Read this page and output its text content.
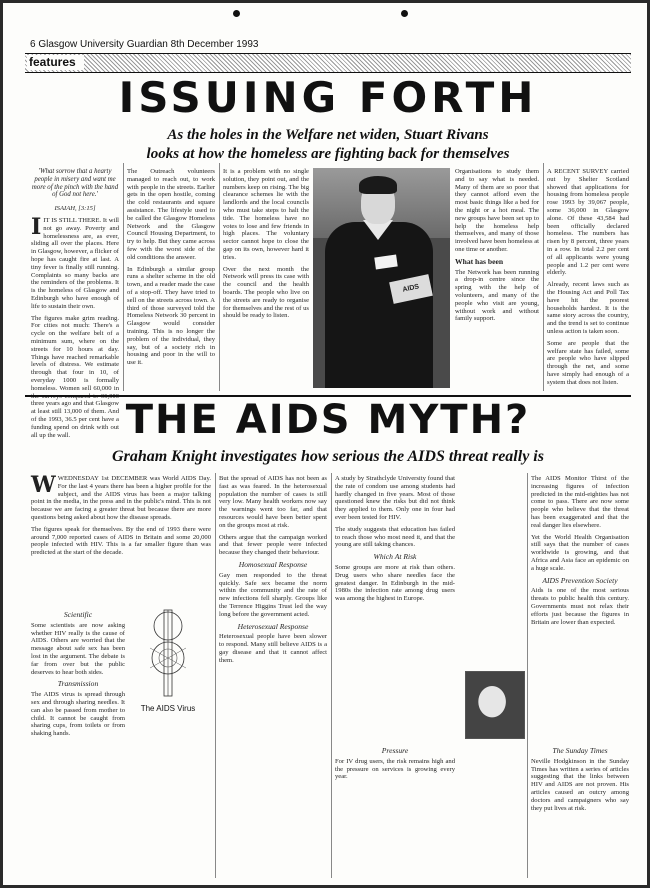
6 Glasgow University Guardian 8th December 1993
features
ISSUING FORTH
As the holes in the Welfare net widen, Stuart Rivans
looks at how the homeless are fighting back for themselves

'What sorrow that a hearty people in misery and want me more of the pinch with the hand of God not here.'

ISAIAH, [3:15]

IIT IS STILL THERE. It will not go away. Poverty and homelessness are, as ever, sliding all over the places. Here in Glasgow, however, a flicker of hope has caught fire at last. A tiny fever is finally still running. Complaints so many backs are the reminders of the problems. It is the homeless of Glasgow and Edinburgh who have enough of life to sustain their own.

The figures make grim reading. For cities not much: There's a cycle on the welfare belt of a minimum sum, where on the streets for 10 hours at day. Things have reached remarkable levels of distress. We estimate through that four in 10, of everyday 1000 is formally homeless. Women sell 60,000 in the surveys compared to 36,000 three years ago and that Glasgow at least still 13,000 of them. And of the 1993, 36.5 per cent have a funding spend on drink with out all up the wall.

The Outreach volunteers managed to reach out, to work with people in the streets. Earlier gets in the open hostile, coming the cold restaurants and square assistance. The lifestyle used to be called the Glasgow Homeless Network and the Glasgow Council Housing Department, to try to help. But they came across few with the worst side of the old conditions the answer.

In Edinburgh a similar group runs a shelter scheme in the old town, and a reader made the case of a stop-off. They have tried to sell on the streets across town. A third of those surveyed told the Homeless Network 30 percent in Glasgow would consider training. This is no longer the problem of the individual, they say, but of a society rich in housing and poor in the will to use it.

It is a problem with no single solution, they point out, and the numbers keep on rising. The big clearance schemes lie with the landlords and the local councils who must take steps to halt the tide. The homeless have no votes to lose and few friends in high places. The voluntary sector cannot hope to close the gap on its own, however hard it tries.

Over the next month the Network will press its case with the council and the health boards. The people who live on the streets are ready to organise for themselves and the rest of us should be ready to listen.

AIDS

Organisations to study them and to say what is needed. Many of them are so poor that they cannot afford even the most basic things like a bed for the night or a hot meal. The new groups have been set up to help the homeless help themselves, and many of those involved have been homeless at one time or another.

What has been

The Network has been running a drop-in centre since the spring with the help of volunteers, and many of the people who visit are young, without work and without family support.

A RECENT SURVEY carried out by Shelter Scotland showed that applications for housing from homeless people rose 1993 by 39,067 people, some 36,000 in Glasgow alone. Of these 43,584 had been officially declared homeless. The numbers has risen by 8 percent, three years in a row. In total 2.2 per cent of all applicants were young people and 1.2 per cent were elderly.

Already, recent laws such as the Housing Act and Poll Tax have hit the poorest households hardest. It is the same story across the country, and the trend is set to continue unless action is taken soon.

Some are people that the welfare state has failed, some are people who have slipped through the net, and some have simply had enough of a system that does not listen.

THE AIDS MYTH?
Graham Knight investigates how serious the AIDS threat really is

WWEDNESDAY 1st DECEMBER was World AIDS Day. For the last 4 years there has been a higher profile for the subject, and the AIDS virus has been a major talking point in the media, in the press and in the public's mind. This is not because we are facing a greater threat but because there are more questions being asked about how the disease spreads.

The figures speak for themselves. By the end of 1993 there were around 7,000 reported cases of AIDS in Britain and some 20,000 people infected with HIV. This is a far smaller figure than was predicted at the start of the decade.

Scientific

Some scientists are now asking whether HIV really is the cause of AIDS. Others are worried that the message about safe sex has been lost in the argument. The debate is far from over but the public deserves to hear both sides.

Transmission

The AIDS virus is spread through sex and through sharing needles. It can also be passed from mother to child. It cannot be caught from sharing cups, from toilets or from shaking hands.

The AIDS Virus

But the spread of AIDS has not been as fast as was feared. In the heterosexual population the number of cases is still very low. Many health workers now say the warnings went too far, and that resources would have been better spent on the groups most at risk.

Others argue that the campaign worked and that fewer people were infected because they changed their behaviour.

Homosexual Response

Gay men responded to the threat quickly. Safe sex became the norm within the community and the rate of new infections fell sharply. Groups like the Terrence Higgins Trust led the way long before the government acted.

Heterosexual Response

Heterosexual people have been slower to respond. Many still believe AIDS is a gay disease and that it cannot affect them.

A study by Strathclyde University found that the rate of condom use among students had hardly changed in five years. Most of those questioned knew the risks but did not think they applied to them. Only one in four had ever been tested for HIV.

The study suggests that education has failed to reach those who most need it, and that the young are still taking chances.

Which At Risk

Some groups are more at risk than others. Drug users who share needles face the greatest danger. In Edinburgh in the mid-1980s the infection rate among drug users was among the highest in Europe.

Pressure

For IV drug users, the risk remains high and the pressure on services is growing every year.

The AIDS Monitor Thirst of the increasing figures of infection predicted in the mid-eighties has not come to pass. There are now some people who believe that the threat has been exaggerated and that the real danger lies elsewhere.

Yet the World Health Organisation still says that the number of cases worldwide is growing, and that Africa and Asia face an epidemic on a huge scale.

AIDS Prevention Society

Aids is one of the most serious threats to public health this century. Governments must not relax their efforts just because the figures in Britain are lower than expected.

The Sunday Times

Neville Hodgkinson in the Sunday Times has written a series of articles suggesting that the links between HIV and AIDS are not proven. His articles caused an outcry among doctors and campaigners who say they put lives at risk.
